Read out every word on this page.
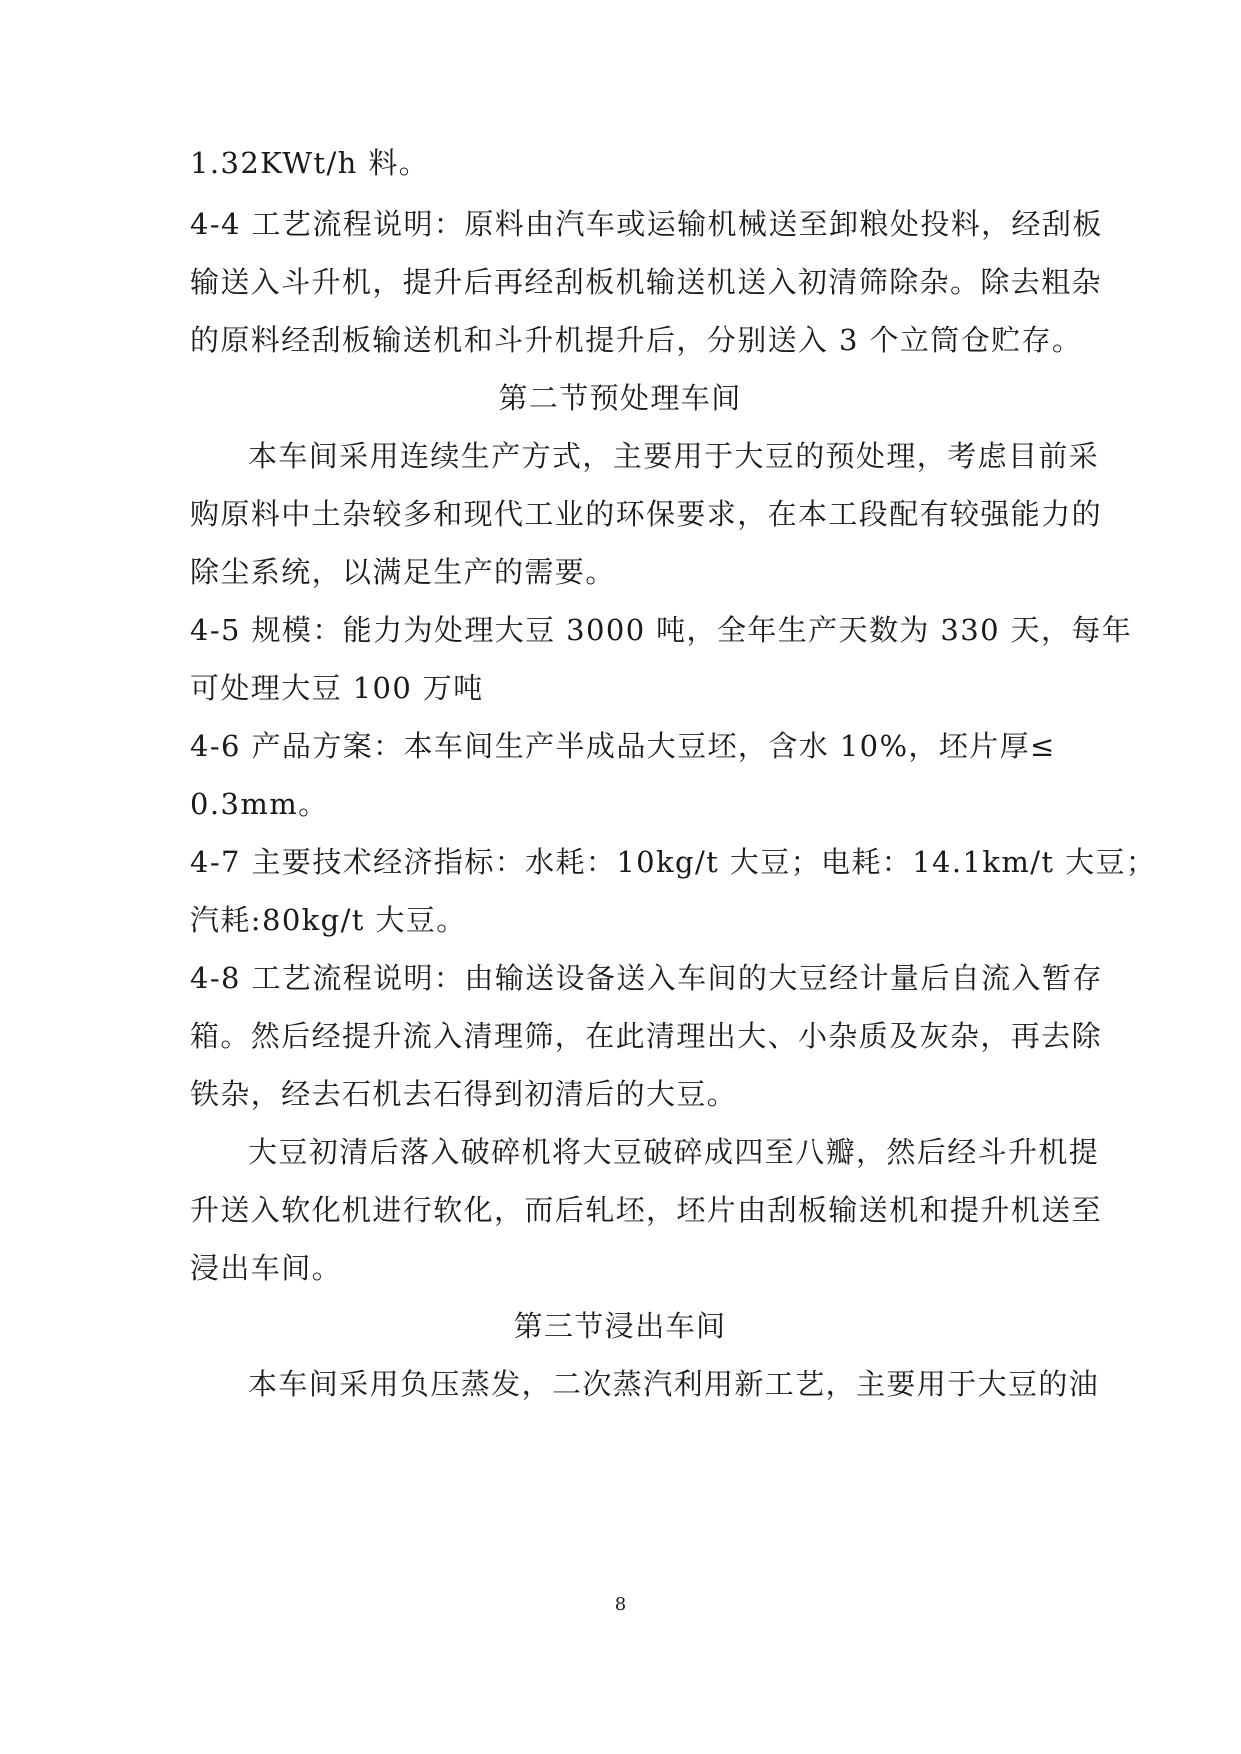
1.32KWt/h 料。
4-4 工艺流程说明：原料由汽车或运输机械送至卸粮处投料，经刮板
输送入斗升机，提升后再经刮板机输送机送入初清筛除杂。除去粗杂
的原料经刮板输送机和斗升机提升后，分别送入 3 个立筒仓贮存。
第二节预处理车间
本车间采用连续生产方式，主要用于大豆的预处理，考虑目前采
购原料中土杂较多和现代工业的环保要求，在本工段配有较强能力的
除尘系统，以满足生产的需要。
4-5 规模：能力为处理大豆 3000 吨，全年生产天数为 330 天，每年
可处理大豆 100 万吨
4-6 产品方案：本车间生产半成品大豆坯，含水 10%，坯片厚≤
0.3mm。
4-7 主要技术经济指标：水耗：10kg/t 大豆；电耗：14.1km/t 大豆；
汽耗:80kg/t 大豆。
4-8 工艺流程说明：由输送设备送入车间的大豆经计量后自流入暂存
箱。然后经提升流入清理筛，在此清理出大、小杂质及灰杂，再去除
铁杂，经去石机去石得到初清后的大豆。
大豆初清后落入破碎机将大豆破碎成四至八瓣，然后经斗升机提
升送入软化机进行软化，而后轧坯，坯片由刮板输送机和提升机送至
浸出车间。
第三节浸出车间
本车间采用负压蒸发，二次蒸汽利用新工艺，主要用于大豆的油
8
